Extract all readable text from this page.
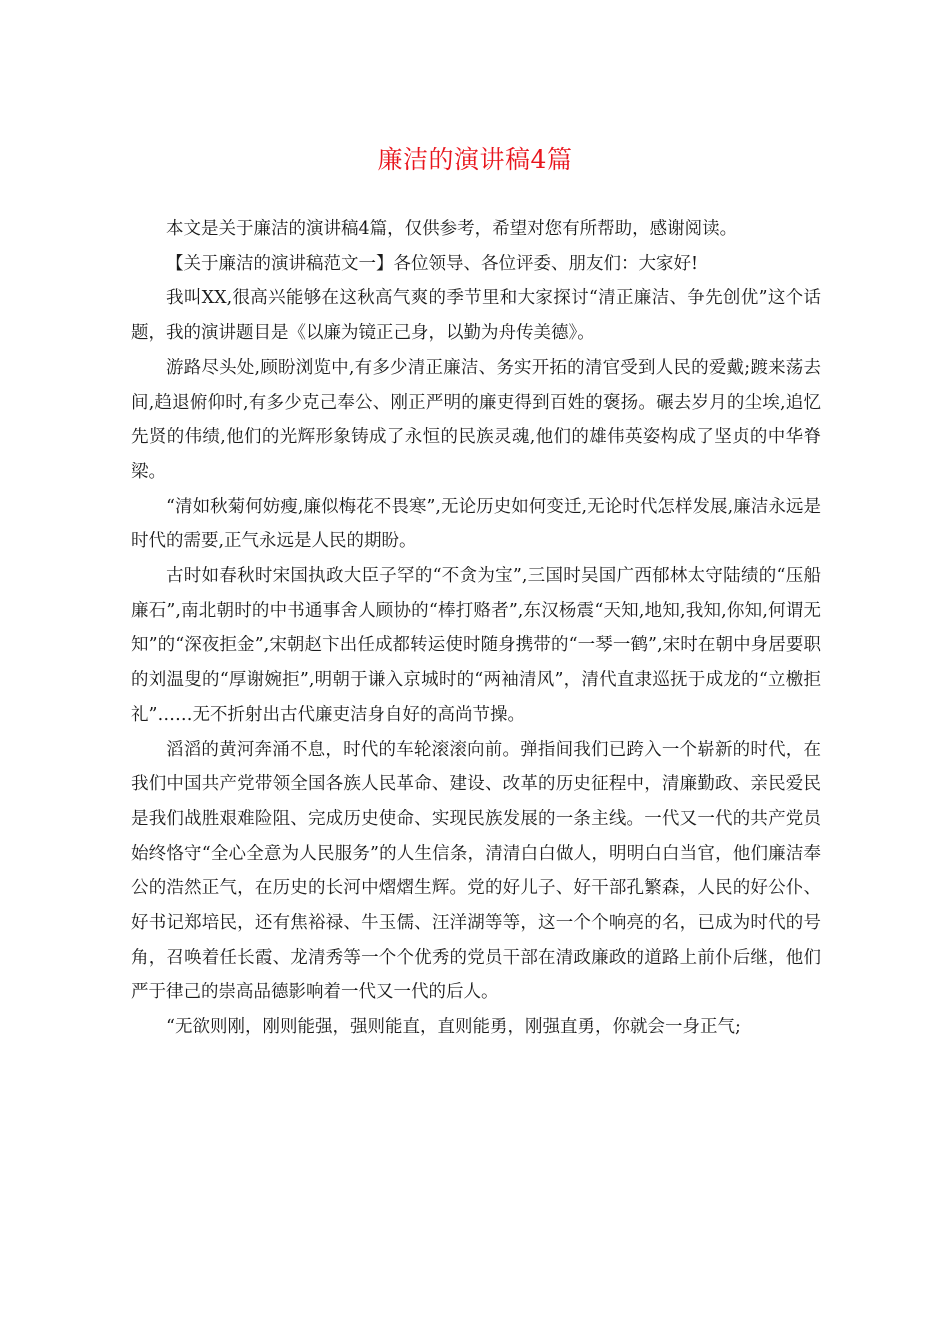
廉洁的演讲稿4篇

本文是关于廉洁的演讲稿4篇，仅供参考，希望对您有所帮助，感谢阅读。

【关于廉洁的演讲稿范文一】各位领导、各位评委、朋友们：大家好!

我叫XX,很高兴能够在这秋高气爽的季节里和大家探讨“清正廉洁、争先创优”这个话题，我的演讲题目是《以廉为镜正己身，以勤为舟传美德》。

游路尽头处,顾盼浏览中,有多少清正廉洁、务实开拓的清官受到人民的爱戴;踱来荡去间,趋退俯仰时,有多少克己奉公、刚正严明的廉吏得到百姓的褒扬。碾去岁月的尘埃,追忆先贤的伟绩,他们的光辉形象铸成了永恒的民族灵魂,他们的雄伟英姿构成了坚贞的中华脊梁。

“清如秋菊何妨瘦,廉似梅花不畏寒”,无论历史如何变迁,无论时代怎样发展,廉洁永远是时代的需要,正气永远是人民的期盼。

古时如春秋时宋国执政大臣子罕的“不贪为宝”,三国时吴国广西郁林太守陆绩的“压船廉石”,南北朝时的中书通事舍人顾协的“棒打赂者”,东汉杨震“天知,地知,我知,你知,何谓无知”的“深夜拒金”,宋朝赵卞出任成都转运使时随身携带的“一琴一鹤”,宋时在朝中身居要职的刘温叟的“厚谢婉拒”,明朝于谦入京城时的“两袖清风”，清代直隶巡抚于成龙的“立檄拒礼”……无不折射出古代廉吏洁身自好的高尚节操。

滔滔的黄河奔涌不息，时代的车轮滚滚向前。弹指间我们已跨入一个崭新的时代，在我们中国共产党带领全国各族人民革命、建设、改革的历史征程中，清廉勤政、亲民爱民是我们战胜艰难险阻、完成历史使命、实现民族发展的一条主线。一代又一代的共产党员始终恪守“全心全意为人民服务”的人生信条，清清白白做人，明明白白当官，他们廉洁奉公的浩然正气，在历史的长河中熠熠生辉。党的好儿子、好干部孔繁森，人民的好公仆、好书记郑培民，还有焦裕禄、牛玉儒、汪洋湖等等，这一个个响亮的名，已成为时代的号角，召唤着任长霞、龙清秀等一个个优秀的党员干部在清政廉政的道路上前仆后继，他们严于律己的崇高品德影响着一代又一代的后人。

“无欲则刚，刚则能强，强则能直，直则能勇，刚强直勇，你就会一身正气;
